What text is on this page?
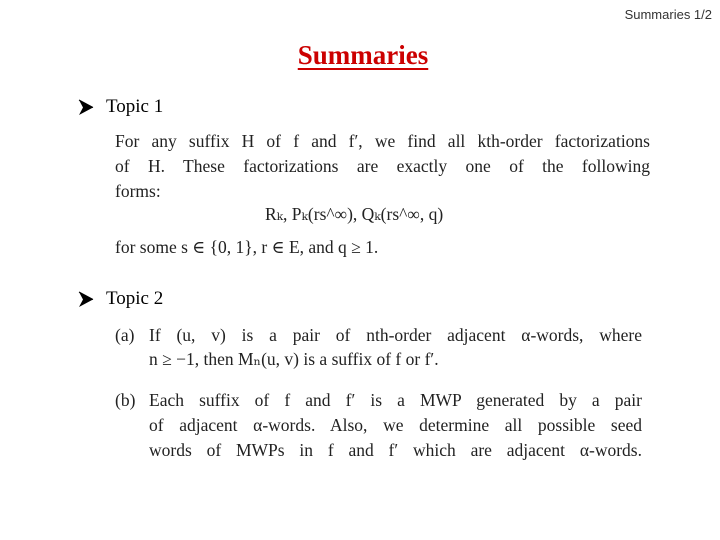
Summaries 1/2
Summaries
Topic 1
For any suffix H of f and f′, we find all kth-order factorizations
of H. These factorizations are exactly one of the following
forms:
Rₖ, Pₖ(rs^∞), Qₖ(rs^∞, q)
for some s ∈ {0, 1}, r ∈ E, and q ≥ 1.
Topic 2
(a) If (u, v) is a pair of nth-order adjacent α-words, where
n ≥ −1, then Mₙ(u, v) is a suffix of f or f′.
(b) Each suffix of f and f′ is a MWP generated by a pair
of adjacent α-words. Also, we determine all possible seed
words of MWPs in f and f′ which are adjacent α-words.
